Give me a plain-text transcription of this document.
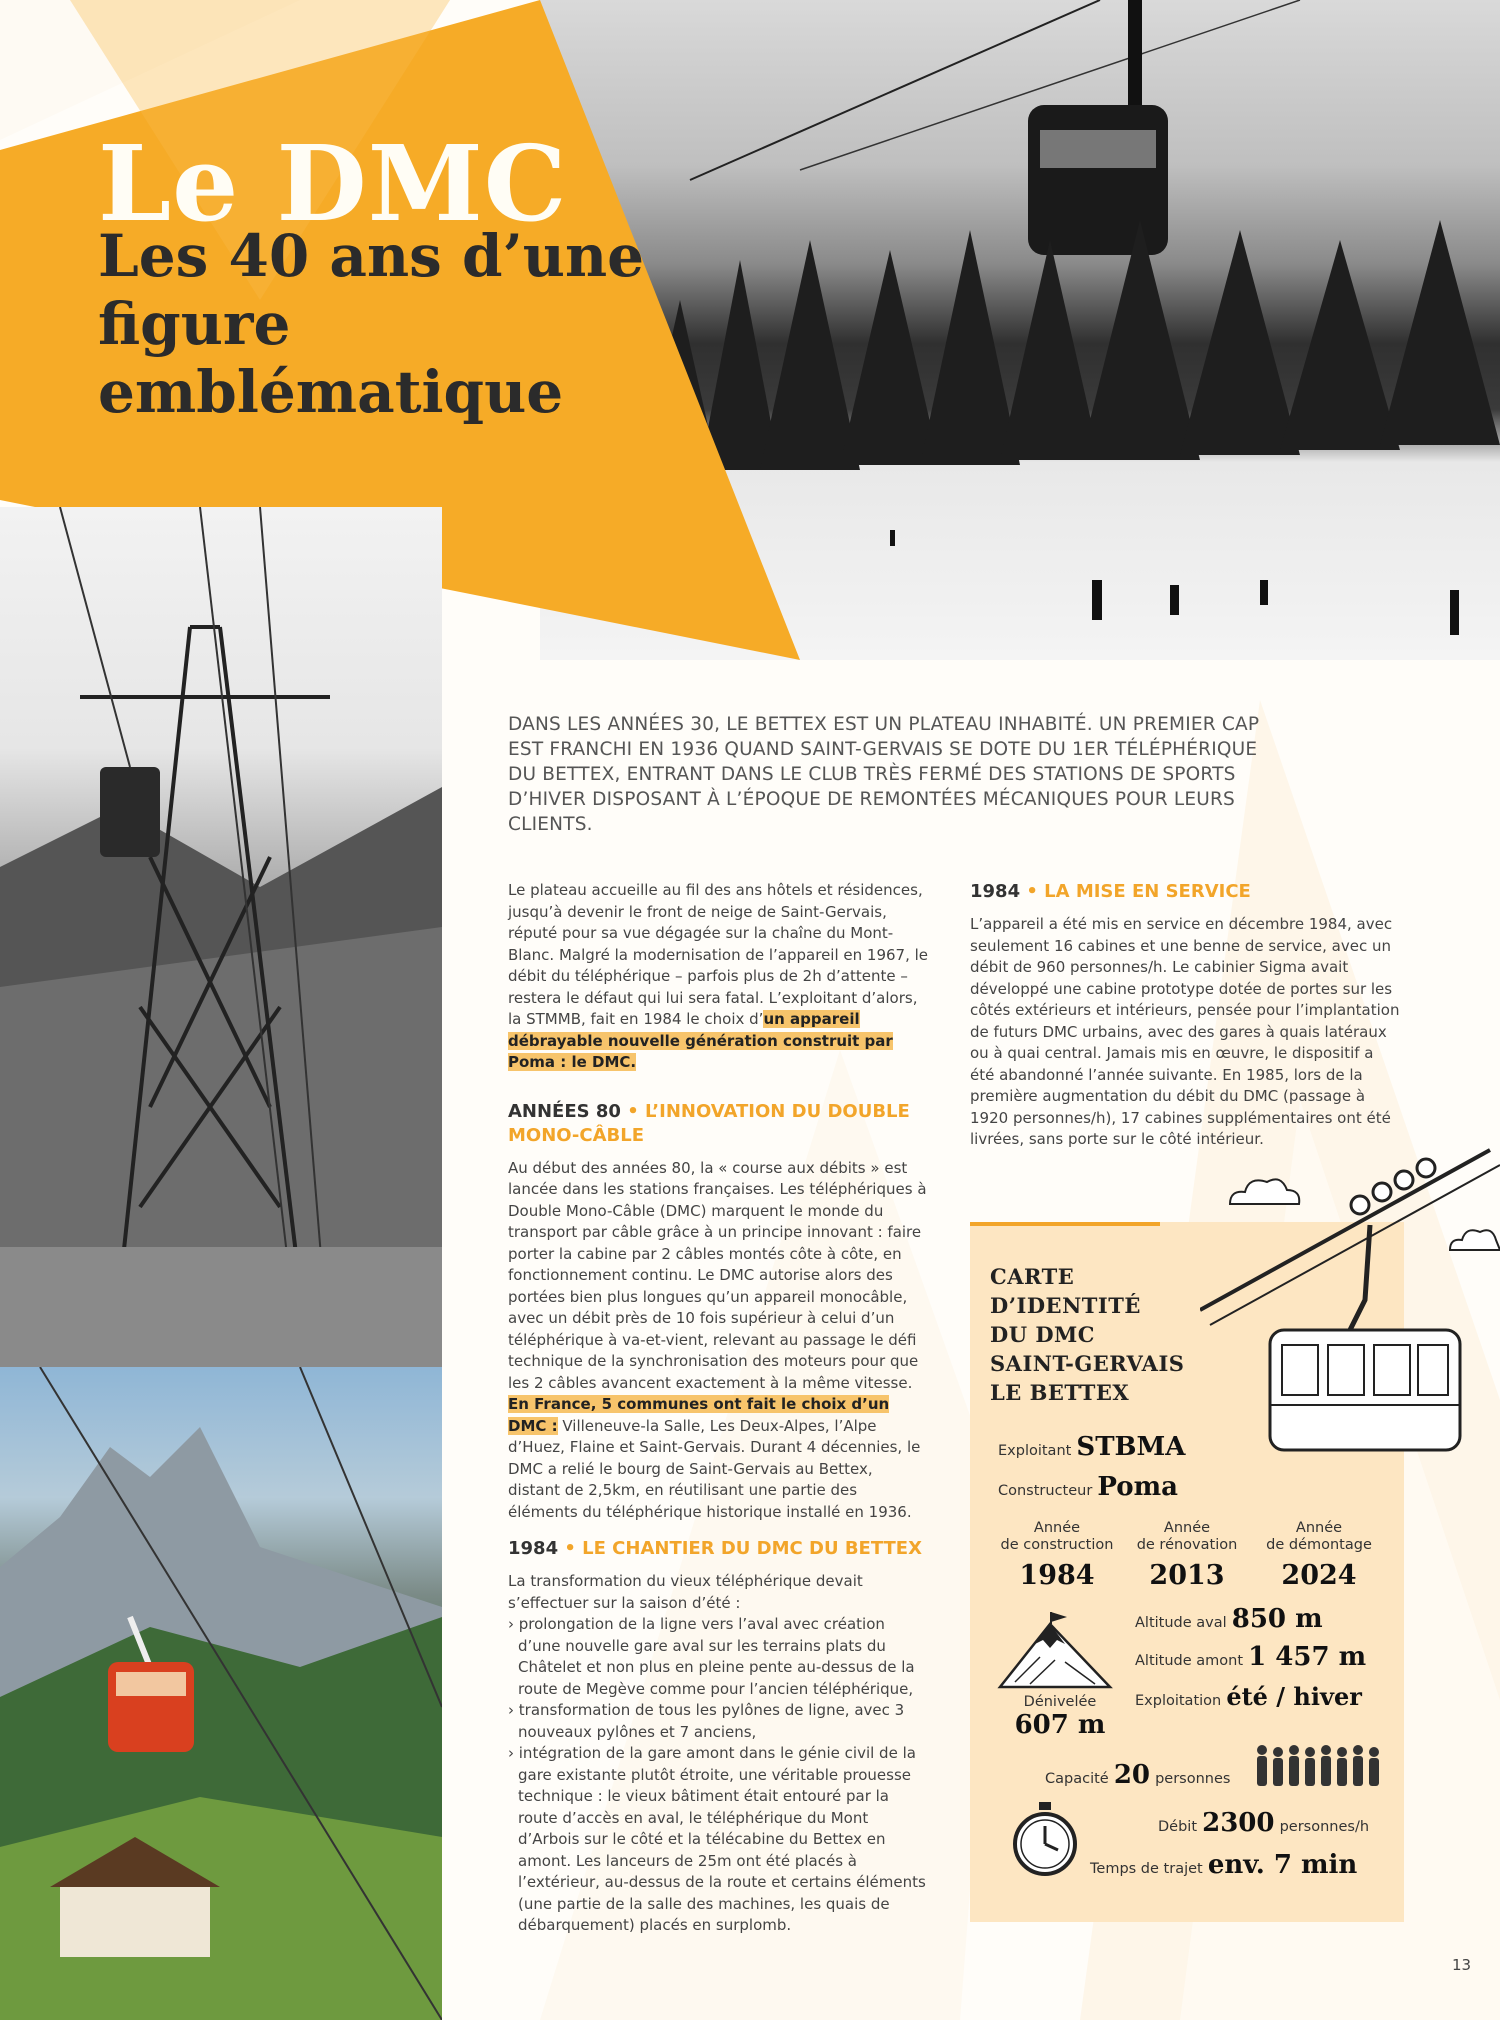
Le DMC
Les 40 ans d’une figure emblématique
DANS LES ANNÉES 30, LE BETTEX EST UN PLATEAU INHABITÉ. UN PREMIER CAP EST FRANCHI EN 1936 QUAND SAINT-GERVAIS SE DOTE DU 1ER TÉLÉPHÉRIQUE DU BETTEX, ENTRANT DANS LE CLUB TRÈS FERMÉ DES STATIONS DE SPORTS D’HIVER DISPOSANT À L’ÉPOQUE DE REMONTÉES MÉCANIQUES POUR LEURS CLIENTS.

Le plateau accueille au fil des ans hôtels et résidences, jusqu’à devenir le front de neige de Saint-Gervais, réputé pour sa vue dégagée sur la chaîne du Mont-Blanc. Malgré la modernisation de l’appareil en 1967, le débit du téléphérique – parfois plus de 2h d’attente – restera le défaut qui lui sera fatal. L’exploitant d’alors, la STMMB, fait en 1984 le choix d’un appareil débrayable nouvelle génération construit par Poma : le DMC.

ANNÉES 80 • L’INNOVATION DU DOUBLE MONO-CÂBLE

Au début des années 80, la « course aux débits » est lancée dans les stations françaises. Les téléphériques à Double Mono-Câble (DMC) marquent le monde du transport par câble grâce à un principe innovant : faire porter la cabine par 2 câbles montés côte à côte, en fonctionnement continu. Le DMC autorise alors des portées bien plus longues qu’un appareil monocâble, avec un débit près de 10 fois supérieur à celui d’un téléphérique à va-et-vient, relevant au passage le défi technique de la synchronisation des moteurs pour que les 2 câbles avancent exactement à la même vitesse. En France, 5 communes ont fait le choix d’un DMC : Villeneuve-la Salle, Les Deux-Alpes, l’Alpe d’Huez, Flaine et Saint-Gervais. Durant 4 décennies, le DMC a relié le bourg de Saint-Gervais au Bettex, distant de 2,5km, en réutilisant une partie des éléments du téléphérique historique installé en 1936.

1984 • LE CHANTIER DU DMC DU BETTEX

La transformation du vieux téléphérique devait s’effectuer sur la saison d’été :

› prolongation de la ligne vers l’aval avec création d’une nouvelle gare aval sur les terrains plats du Châtelet et non plus en pleine pente au-dessus de la route de Megève comme pour l’ancien téléphérique,
› transformation de tous les pylônes de ligne, avec 3 nouveaux pylônes et 7 anciens,
› intégration de la gare amont dans le génie civil de la gare existante plutôt étroite, une véritable prouesse technique : le vieux bâtiment était entouré par la route d’accès en aval, le téléphérique du Mont d’Arbois sur le côté et la télécabine du Bettex en amont. Les lanceurs de 25m ont été placés à l’extérieur, au-dessus de la route et certains éléments (une partie de la salle des machines, les quais de débarquement) placés en surplomb.
1984 • LA MISE EN SERVICE

L’appareil a été mis en service en décembre 1984, avec seulement 16 cabines et une benne de service, avec un débit de 960 personnes/h. Le cabinier Sigma avait développé une cabine prototype dotée de portes sur les côtés extérieurs et intérieurs, pensée pour l’implantation de futurs DMC urbains, avec des gares à quais latéraux ou à quai central. Jamais mis en œuvre, le dispositif a été abandonné l’année suivante. En 1985, lors de la première augmentation du débit du DMC (passage à 1920 personnes/h), 17 cabines supplémentaires ont été livrées, sans porte sur le côté intérieur.

CARTE
D’IDENTITÉ
DU DMC
SAINT-GERVAIS
LE BETTEX
Exploitant STBMA
Constructeur Poma
Année
de construction
1984
Année
de rénovation
2013
Année
de démontage
2024
Dénivelée
607 m
Altitude aval 850 m
Altitude amont 1 457 m
Exploitation été / hiver
Capacité 20 personnes
Débit 2300 personnes/h
Temps de trajet env. 7 min
13
